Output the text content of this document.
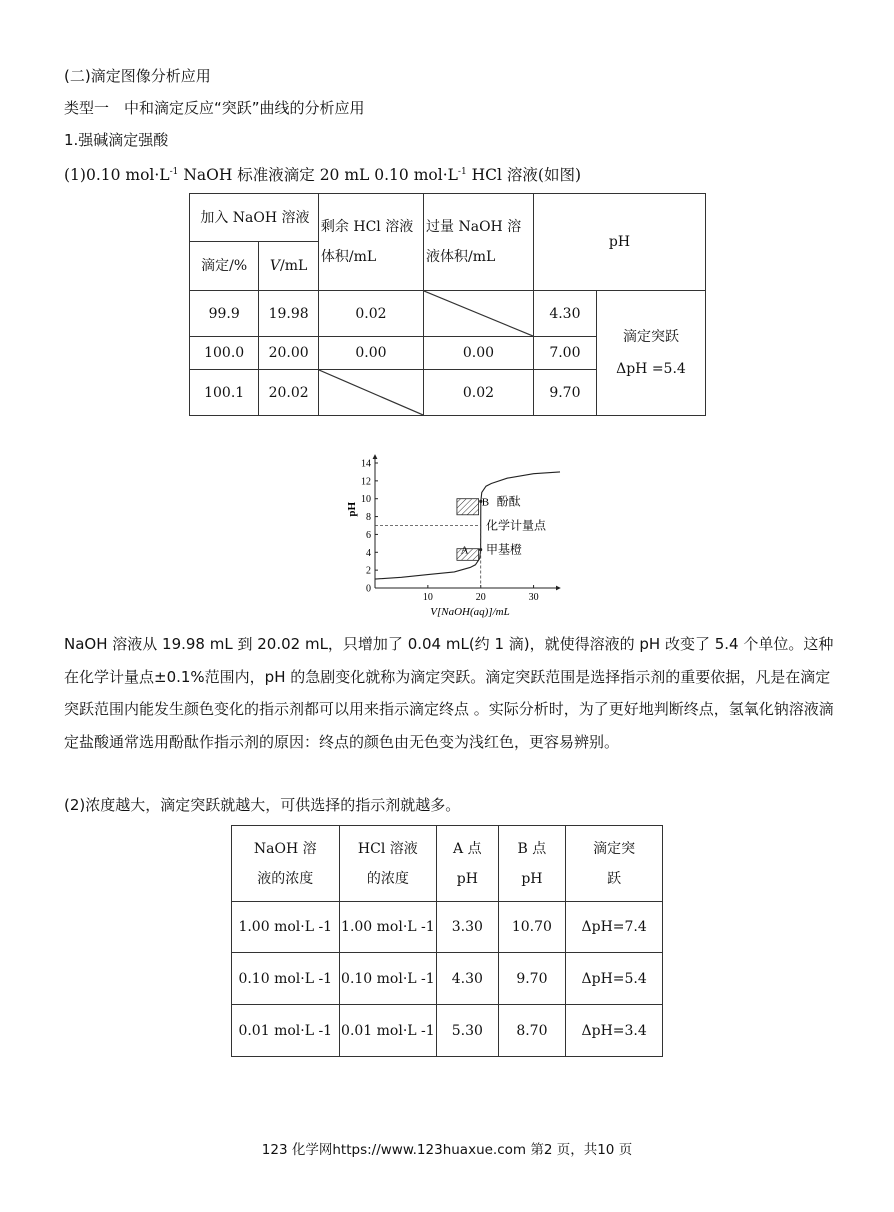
(二)滴定图像分析应用
类型一　中和滴定反应“突跃”曲线的分析应用
1.强碱滴定强酸
(1)0.10 $mol\cdot L^{-1}$ NaOH 标准液滴定 20 mL 0.10 $mol\cdot L^{-1}$ HCl 溶液(如图)
加入 NaOH 溶液		剩余 HCl 溶液体积/mL	过量 NaOH 溶液体积/mL	pH	
滴定/%	V/mL				
99.9	19.98	0.02		4.30	滴定突跃 ΔpH =5.4
100.0	20.00	0.00	0.00	7.00	
100.1	20.02		0.02	9.70	
0
2
4
6
8
10
12
14
10	20	30
pH
V[NaOH(aq)]/mL
B 酚酞
化学计量点
A 甲基橙
NaOH 溶液从 19.98 mL 到 20.02 mL，只增加了 0.04 mL(约 1 滴)，就使得溶液的 pH 改变了 5.4 个单位。这种在化学计量点±0.1%范围内，pH 的急剧变化就称为滴定突跃。滴定突跃范围是选择指示剂的重要依据，凡是在滴定突跃范围内能发生颜色变化的指示剂都可以用来指示滴定终点 。实际分析时，为了更好地判断终点，氢氧化钠溶液滴定盐酸通常选用酚酞作指示剂的原因：终点的颜色由无色变为浅红色，更容易辨别。
(2)浓度越大，滴定突跃就越大，可供选择的指示剂就越多。
NaOH 溶液的浓度	HCl 溶液的浓度	A 点 pH	B 点 pH	滴定突跃
1.00 mol·L -1	1.00 mol·L -1	3.30	10.70	ΔpH=7.4
0.10 mol·L -1	0.10 mol·L -1	4.30	9.70	ΔpH=5.4
0.01 mol·L -1	0.01 mol·L -1	5.30	8.70	ΔpH=3.4
123 化学网https://www.123huaxue.com 第2 页，共10 页
